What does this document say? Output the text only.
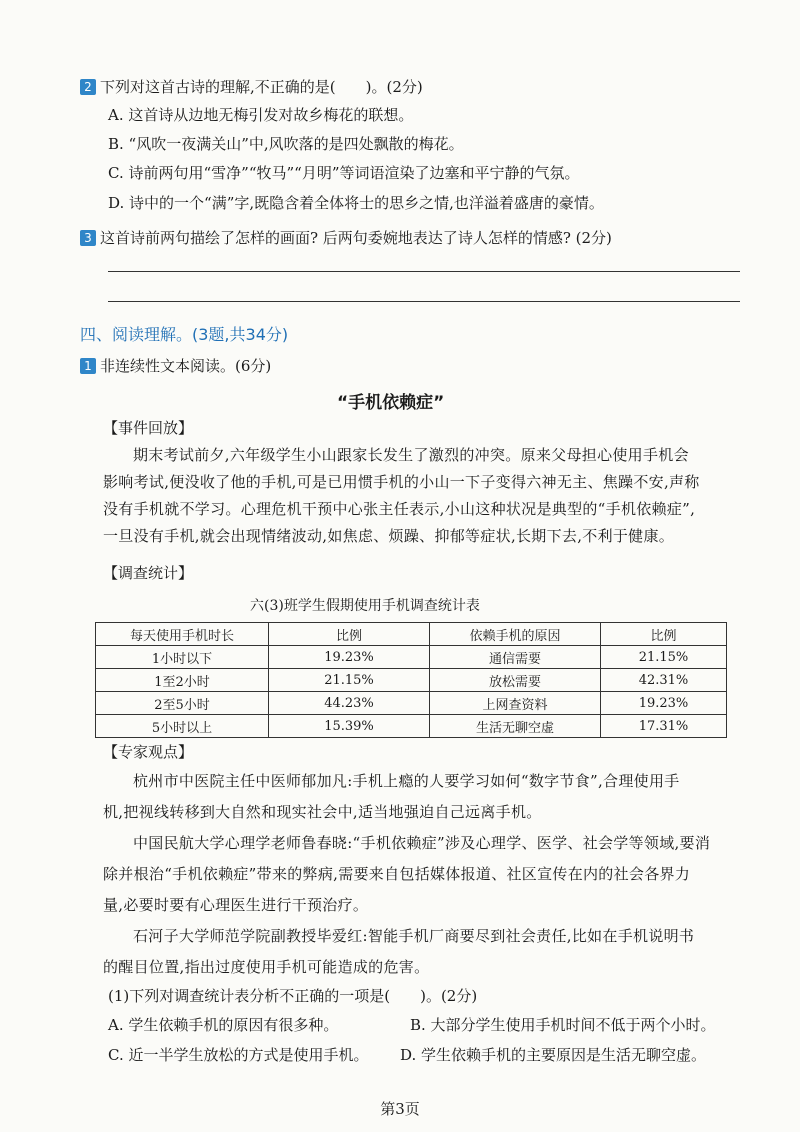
2 下列对这首古诗的理解,不正确的是(　　)。(2分)
A. 这首诗从边地无梅引发对故乡梅花的联想。
B. “风吹一夜满关山”中,风吹落的是四处飘散的梅花。
C. 诗前两句用“雪净”“牧马”“月明”等词语渲染了边塞和平宁静的气氛。
D. 诗中的一个“满”字,既隐含着全体将士的思乡之情,也洋溢着盛唐的豪情。
3 这首诗前两句描绘了怎样的画面? 后两句委婉地表达了诗人怎样的情感? (2分)
四、阅读理解。(3题,共34分)
1 非连续性文本阅读。(6分)
“手机依赖症”
【事件回放】
期末考试前夕,六年级学生小山跟家长发生了激烈的冲突。原来父母担心使用手机会
影响考试,便没收了他的手机,可是已用惯手机的小山一下子变得六神无主、焦躁不安,声称
没有手机就不学习。心理危机干预中心张主任表示,小山这种状况是典型的“手机依赖症”,
一旦没有手机,就会出现情绪波动,如焦虑、烦躁、抑郁等症状,长期下去,不利于健康。
【调查统计】
六(3)班学生假期使用手机调查统计表
每天使用手机时长	比例	依赖手机的原因	比例
1小时以下	19.23%	通信需要	21.15%
1至2小时	21.15%	放松需要	42.31%
2至5小时	44.23%	上网查资料	19.23%
5小时以上	15.39%	生活无聊空虚	17.31%
【专家观点】
杭州市中医院主任中医师郁加凡:手机上瘾的人要学习如何“数字节食”,合理使用手
机,把视线转移到大自然和现实社会中,适当地强迫自己远离手机。
中国民航大学心理学老师鲁春晓:“手机依赖症”涉及心理学、医学、社会学等领域,要消
除并根治“手机依赖症”带来的弊病,需要来自包括媒体报道、社区宣传在内的社会各界力
量,必要时要有心理医生进行干预治疗。
石河子大学师范学院副教授毕爱红:智能手机厂商要尽到社会责任,比如在手机说明书
的醒目位置,指出过度使用手机可能造成的危害。
(1)下列对调查统计表分析不正确的一项是(　　)。(2分)
A. 学生依赖手机的原因有很多种。	B. 大部分学生使用手机时间不低于两个小时。
C. 近一半学生放松的方式是使用手机。 D. 学生依赖手机的主要原因是生活无聊空虚。
第3页
